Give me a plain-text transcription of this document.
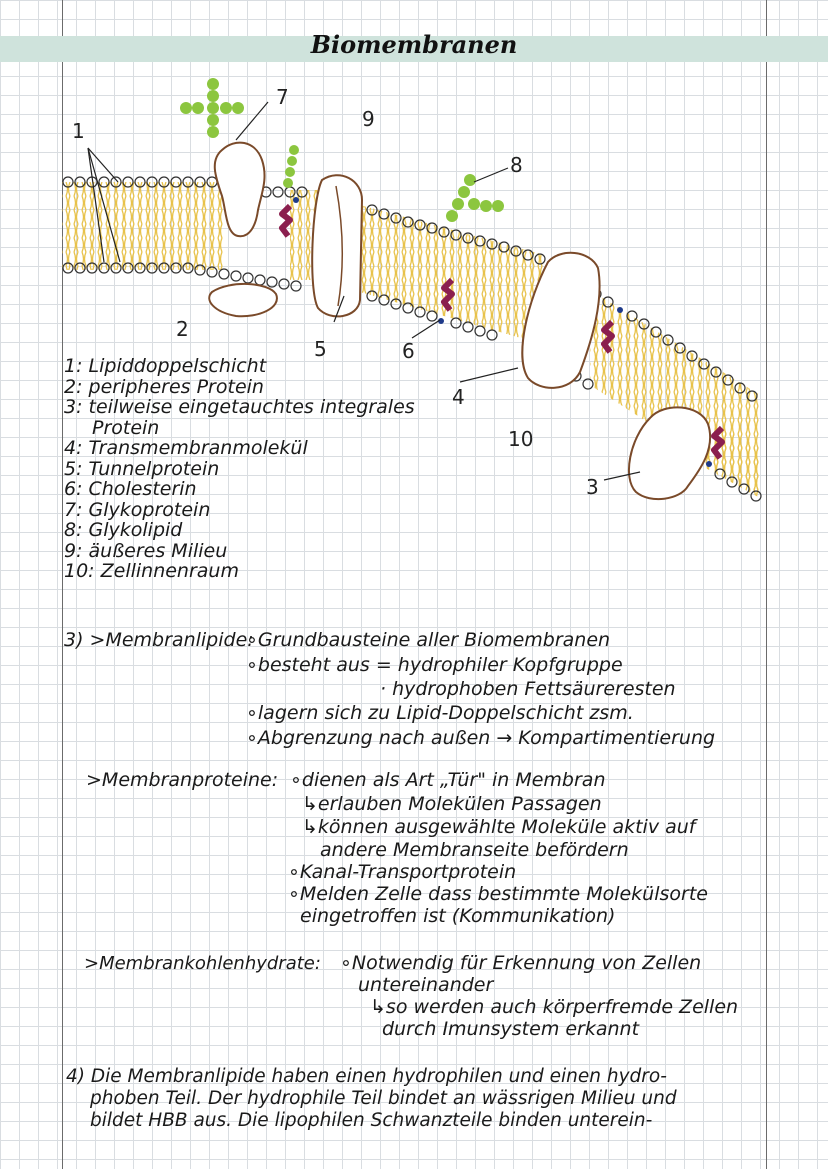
Biomembranen
1
2
3
4
5	6
7
8
9
10
1: Lipiddoppelschicht
2: peripheres Protein
3: teilweise eingetauchtes integrales
Protein
4: Transmembranmolekül
5: Tunnelprotein
6: Cholesterin
7: Glykoprotein
8: Glykolipid
9: äußeres Milieu
10: Zellinnenraum
3) >Membranlipide:
∘Grundbausteine aller Biomembranen
∘besteht aus = hydrophiler Kopfgruppe
· hydrophoben Fettsäureresten
∘lagern sich zu Lipid-Doppelschicht zsm.
∘Abgrenzung nach außen → Kompartimentierung
>Membranproteine: ∘dienen als Art „Tür" in Membran
↳erlauben Molekülen Passagen
↳können ausgewählte Moleküle aktiv auf
andere Membranseite befördern
∘Kanal-Transportprotein
∘Melden Zelle dass bestimmte Molekülsorte
eingetroffen ist (Kommunikation)
>Membrankohlenhydrate: ∘Notwendig für Erkennung von Zellen
untereinander
↳so werden auch körperfremde Zellen
durch Imunsystem erkannt
4) Die Membranlipide haben einen hydrophilen und einen hydro-
phoben Teil. Der hydrophile Teil bindet an wässrigen Milieu und
bildet HBB aus. Die lipophilen Schwanzteile binden unterein-
